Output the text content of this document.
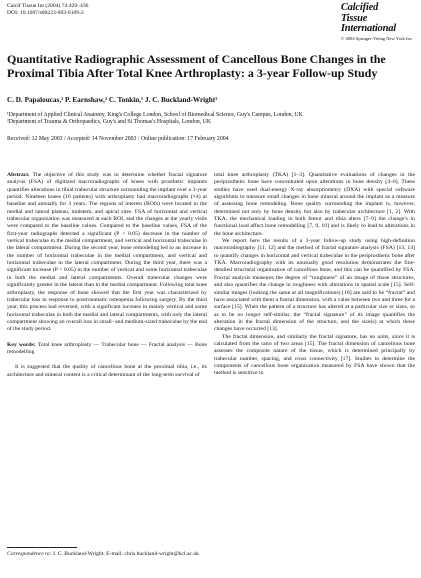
Calcif Tissue Int (2004) 74:429–436
DOI: 10.1007/s00223-003-0109-2	Calcified
Tissue
International
© 2004 Springer-Verlag New York Inc.
Quantitative Radiographic Assessment of Cancellous Bone Changes in the Proximal Tibia After Total Knee Arthroplasty: a 3-year Follow-up Study
C. D. Papaloucas,¹ P. Earnshaw,² C. Tonkin,¹ J. C. Buckland-Wright¹
¹Department of Applied Clinical Anatomy, King's College London, School of Biomedical Science, Guy's Campus, London, UK
²Department of Trauma & Orthopaedics, Guy's and St Thomas's Hospitals, London, UK
Received: 12 May 2003 / Accepted: 14 November 2003 / Online publication: 17 February 2004

Abstract. The objective of this study was to determine whether fractal signature analysis (FSA) of digitized macroradiographs of knees with prosthetic implants quantifies alterations in tibial trabecular structure surrounding the implant over a 3-year period. Nineteen knees (16 patients) with arthroplasty had macroradiographs (×4) at baseline and annually for 3 years. The regions of interest (ROIs) were located in the medial and lateral plateau, midstem, and apical sites. FSA of horizontal and vertical trabecular organization was measured at each ROI, and the changes at the yearly visits were compared to the baseline values. Compared to the baseline values, FSA of the first-year radiographs detected a significant (P < 0.05) decrease in the number of vertical trabeculae in the medial compartment, and vertical and horizontal trabeculae in the lateral compartment. During the second year, bone remodeling led to an increase in the number of horizontal trabeculae in the medial compartment, and vertical and horizontal trabeculae in the lateral compartment. During the third year, there was a significant increase (P < 0.05) in the number of vertical and some horizontal trabeculae in both the medial and lateral compartments. Overall trabecular changes were significantly greater in the lateral than in the medial compartment. Following total knee arthroplasty, the response of bone showed that the first year was characterized by trabecular loss in response to posttraumatic osteopenia following surgery. By the third year, this process had reversed, with a significant increase in mainly vertical and some horizontal trabeculae in both the medial and lateral compartments, with only the lateral compartment showing an overall loss in small- and medium-sized trabeculae by the end of the study period.

Key words: Total knee arthroplasty — Trabecular bone — Fractal analysis — Bone remodelling

It is suggested that the quality of cancellous bone at the proximal tibia, i.e., its architecture and mineral content is a critical determinant of the long-term survival of

total knee arthroplasty (TKA) [1–3]. Quantitative evaluations of changes in the periprosthetic bone have concentrated upon alterations in bone density [4–6]. These studies have used dual-energy X-ray absorptiometry (DXA) with special software algorithms to measure small changes in bone mineral around the implant as a measure of assessing bone remodeling. Bone quality surrounding the implant is, however, determined not only by bone density but also by trabecular architecture [1, 2]. With TKA, the mechanical loading in both femur and tibia alters [7–9] the change's in functional load affect bone remodelling [7, 9, 10] and is likely to lead to alterations in the bone architecture.

We report here the results of a 3-year follow-up study using high-definition macroradiography [11, 12] and the method of fractal signature analysis (FSA) [13, 14] to quantify changes in horizontal and vertical trabeculae in the periprosthetic bone after TKA. Macroradiography with its unusually good resolution demonstrates the fine-detailed structural organization of cancellous bone, and this can be quantified by FSA. Fractal analysis measures the degree of “roughness” of an image of those structures, and also quantifies the change in roughness with alterations in spatial scale [15]. Self-similar images (looking the same at all magnifications) [16] are said to be “fractal” and have associated with them a fractal dimension, with a value between two and three for a surface [15]. When the pattern of a structure has altered at a particular size or sizes, so as to be no longer self-similar, the “fractal signature” of its image quantifies the alteration in the fractal dimension of the structure, and the size(s) at which those changes have occurred [13].

The fractal dimension, and similarly the fractal signature, has no units, since it is calculated from the ratio of two areas [15]. The fractal dimension of cancellous bone assesses the composite nature of the tissue, which is determined principally by trabecular number, spacing, and cross connectivity [17]. Studies to determine the components of cancellous bone organization measured by FSA have shown that the method is sensitive to

Correspondence to: J. C. Buckland-Wright; E-mail: chris.buckland-wright@kcl.ac.uk
